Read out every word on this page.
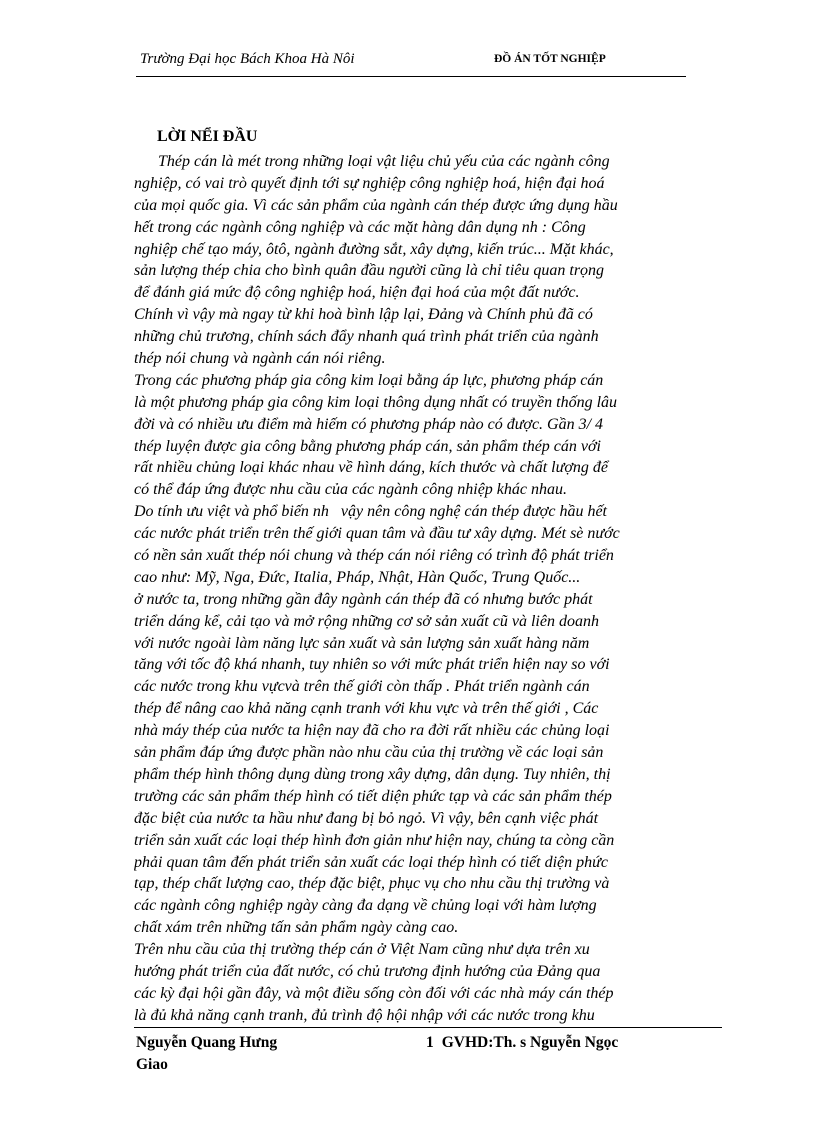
Trường Đại học Bách Khoa Hà Nôi	ĐỒ ÁN TỐT NGHIỆP
LỜI NỂI ĐẦU
Thép cán là mét trong những loại vật liệu chủ yếu của các ngành công
nghiệp, có vai trò quyết định tới sự nghiệp công nghiệp hoá, hiện đại hoá
của mọi quốc gia. Vì các sản phẩm của ngành cán thép được ứng dụng hầu
hết trong các ngành công nghiệp và các mặt hàng dân dụng nh : Công
nghiệp chế tạo máy, ôtô, ngành đường sắt, xây dựng, kiến trúc... Mặt khác,
sản lượng thép chia cho bình quân đầu người cũng là chỉ tiêu quan trọng
để đánh giá mức độ công nghiệp hoá, hiện đại hoá của một đất nước.
Chính vì vậy mà ngay từ khi hoà bình lập lại, Đảng và Chính phủ đã có
những chủ trương, chính sách đẩy nhanh quá trình phát triển của ngành
thép nói chung và ngành cán nói riêng.
Trong các phương pháp gia công kim loại bằng áp lực, phương pháp cán
là một phương pháp gia công kim loại thông dụng nhất có truyền thống lâu
đời và có nhiều ưu điểm mà hiếm có phương pháp nào có được. Gần 3/ 4
thép luyện được gia công bằng phương pháp cán, sản phẩm thép cán với
rất nhiều chủng loại khác nhau về hình dáng, kích thước và chất lượng để
có thể đáp ứng được nhu cầu của các ngành công nhiệp khác nhau.
Do tính ưu việt và phổ biến nh   vậy nên công nghệ cán thép được hầu hết
các nước phát triển trên thế giới quan tâm và đầu tư xây dựng. Mét sè nước
có nền sản xuất thép nói chung và thép cán nói riêng có trình độ phát triển
cao như: Mỹ, Nga, Đức, Italia, Pháp, Nhật, Hàn Quốc, Trung Quốc...
ở nước ta, trong những gần đây ngành cán thép đã có nhưng bước phát
triển dáng kể, cải tạo và mở rộng những cơ sở sản xuất cũ và liên doanh
với nước ngoài làm năng lực sản xuất và sản lượng sản xuất hàng năm
tăng với tốc độ khá nhanh, tuy nhiên so với mức phát triển hiện nay so với
các nước trong khu vựcvà trên thế giới còn thấp . Phát triển ngành cán
thép để nâng cao khả năng cạnh tranh với khu vực và trên thế giới , Các
nhà máy thép của nước ta hiện nay đã cho ra đời rất nhiều các chủng loại
sản phẩm đáp ứng được phần nào nhu cầu của thị trường về các loại sản
phẩm thép hình thông dụng dùng trong xây dựng, dân dụng. Tuy nhiên, thị
trường các sản phẩm thép hình có tiết diện phức tạp và các sản phẩm thép
đặc biệt của nước ta hầu như đang bị bỏ ngỏ. Vì vậy, bên cạnh việc phát
triển sản xuất các loại thép hình đơn giản như hiện nay, chúng ta còng cần
phải quan tâm đến phát triển sản xuất các loại thép hình có tiết diện phức
tạp, thép chất lượng cao, thép đặc biệt, phục vụ cho nhu cầu thị trường và
các ngành công nghiệp ngày càng đa dạng về chủng loại với hàm lượng
chất xám trên những tấn sản phẩm ngày càng cao.
Trên nhu cầu của thị trường thép cán ở Việt Nam cũng như dựa trên xu
hướng phát triển của đất nước, có chủ trương định hướng của Đảng qua
các kỳ đại hội gần đây, và một điều sống còn đối với các nhà máy cán thép
là đủ khả năng cạnh tranh, đủ trình độ hội nhập với các nước trong khu
Nguyễn Quang Hưng	1 GVHD:Th. s Nguyễn Ngọc
Giao
